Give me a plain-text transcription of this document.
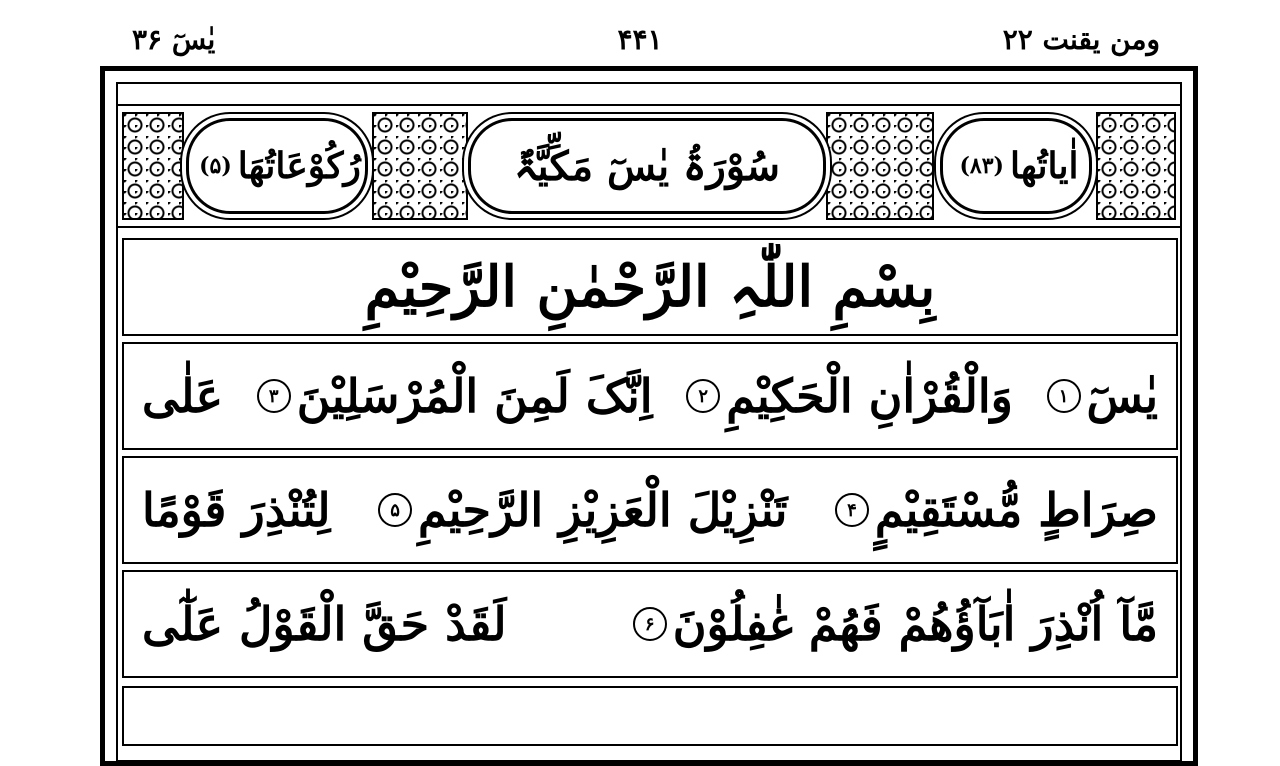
ومن یقنت ۲۲
۴۴۱
یٰسٓ ۳۶
اٰیاتُھا
(۸۳)
سُوْرَۃُ یٰسٓ مَکِّیَّۃٌ
رُکُوْعَاتُھَا
(۵)
بِسْمِ اللّٰہِ الرَّحْمٰنِ الرَّحِیْمِ
یٰسٓ
۱
وَالْقُرْاٰنِ الْحَکِیْمِ
۲
اِنَّکَ لَمِنَ الْمُرْسَلِیْنَ
۳
عَلٰی
صِرَاطٍ مُّسْتَقِیْمٍ
۴
تَنْزِیْلَ الْعَزِیْزِ الرَّحِیْمِ
۵
لِتُنْذِرَ قَوْمًا
مَّآ اُنْذِرَ اٰبَآؤُھُمْ فَھُمْ غٰفِلُوْنَ
۶
لَقَدْ حَقَّ الْقَوْلُ عَلٰٓی
